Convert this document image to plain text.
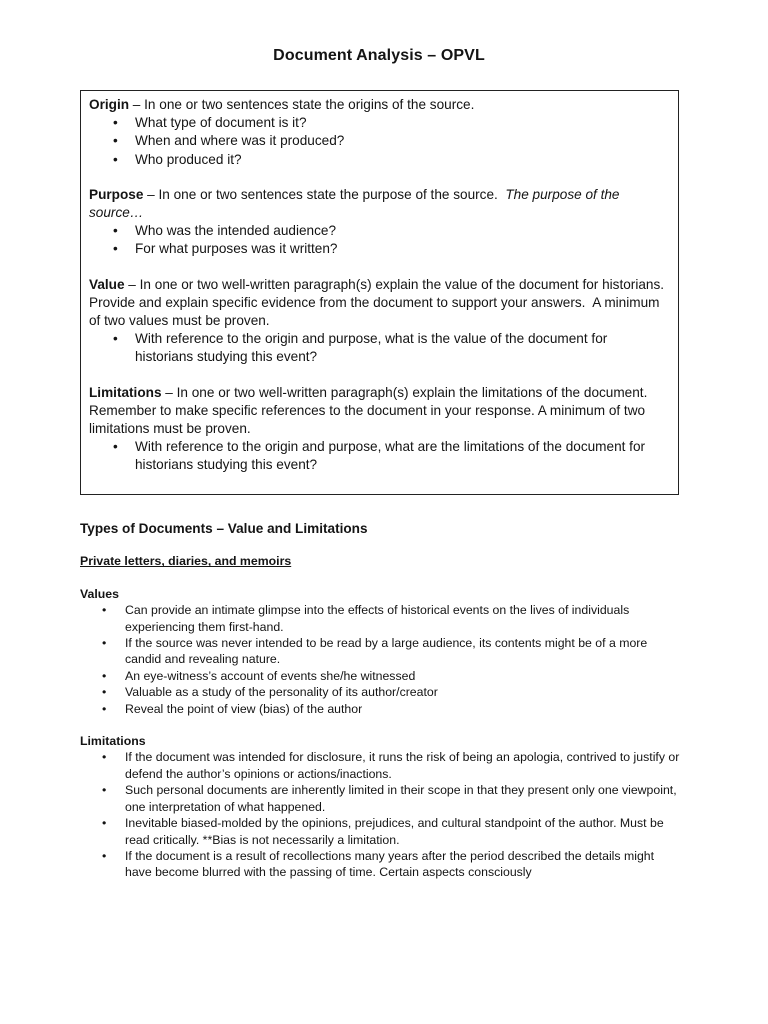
Document Analysis – OPVL

Origin – In one or two sentences state the origins of the source.

• What type of document is it?
• When and where was it produced?
• Who produced it?

Purpose – In one or two sentences state the purpose of the source.  The purpose of the source…

• Who was the intended audience?
• For what purposes was it written?

Value – In one or two well-written paragraph(s) explain the value of the document for historians. Provide and explain specific evidence from the document to support your answers.  A minimum of two values must be proven.

• With reference to the origin and purpose, what is the value of the document for historians studying this event?

Limitations – In one or two well-written paragraph(s) explain the limitations of the document. Remember to make specific references to the document in your response. A minimum of two limitations must be proven.

• With reference to the origin and purpose, what are the limitations of the document for historians studying this event?

Types of Documents – Value and Limitations

Private letters, diaries, and memoirs

Values

• Can provide an intimate glimpse into the effects of historical events on the lives of individuals experiencing them first-hand.
• If the source was never intended to be read by a large audience, its contents might be of a more candid and revealing nature.
• An eye-witness’s account of events she/he witnessed
• Valuable as a study of the personality of its author/creator
• Reveal the point of view (bias) of the author

Limitations

• If the document was intended for disclosure, it runs the risk of being an apologia, contrived to justify or defend the author’s opinions or actions/inactions.
• Such personal documents are inherently limited in their scope in that they present only one viewpoint, one interpretation of what happened.
• Inevitable biased-molded by the opinions, prejudices, and cultural standpoint of the author. Must be read critically. **Bias is not necessarily a limitation.
• If the document is a result of recollections many years after the period described the details might have become blurred with the passing of time. Certain aspects consciously
